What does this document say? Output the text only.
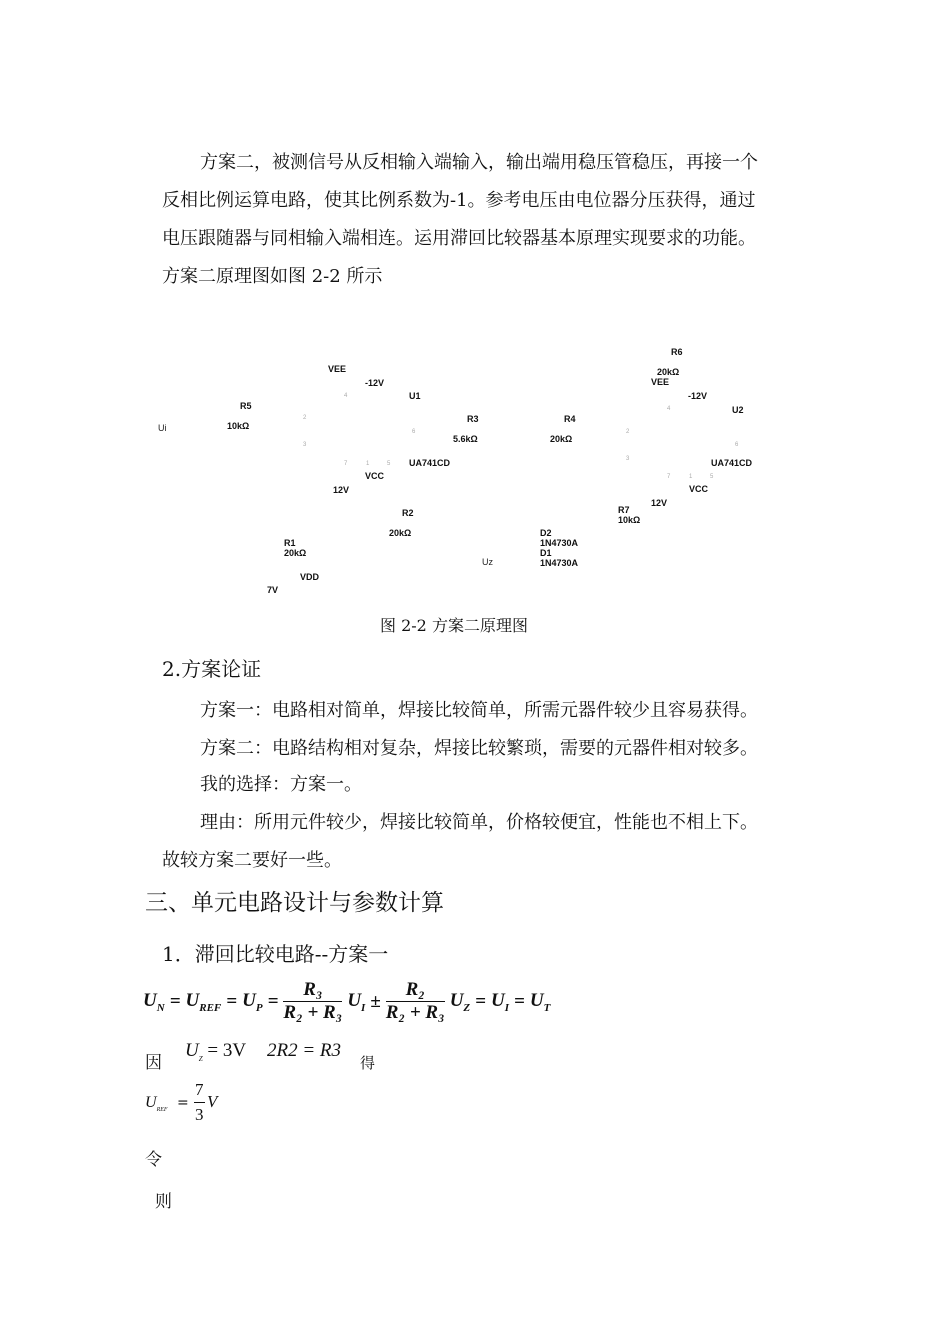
方案二，被测信号从反相输入端输入，输出端用稳压管稳压，再接一个
反相比例运算电路，使其比例系数为-1。参考电压由电位器分压获得，通过
电压跟随器与同相输入端相连。运用滞回比较器基本原理实现要求的功能。
方案二原理图如图 2-2 所示
R6
20kΩ
VEE
VEE
-12V
U1	-12V
4
R5	U2
4
2	R3	R4
10kΩ
Ui	6	2
5.6kΩ	20kΩ
3	6
3
UA741CD	UA741CD
7	1	5
VCC	7	1	5
12V	VCC
12V
R7
R2
10kΩ
20kΩ	D2
R1	1N4730A
20kΩ	D1
Uz	1N4730A
VDD
7V
图 2-2 方案二原理图
2.方案论证
方案一：电路相对简单，焊接比较简单，所需元器件较少且容易获得。
方案二：电路结构相对复杂，焊接比较繁琐，需要的元器件相对较多。
我的选择：方案一。
理由：所用元件较少，焊接比较简单，价格较便宜，性能也不相上下。
故较方案二要好一些。
三、单元电路设计与参数计算
1．滞回比较电路--方案一
$U_N = U_{REF} = U_P = \frac{\text{R₃}}{\text{R₂ + R₃}} U_I \pm \frac{\text{R₂}}{\text{R₂ + R₃}} U_Z = U_I = U_T$
因
$U_Z = 3V$ 2R2 = R3
得
$U_{REF}$ =
7
3
V
令
则
